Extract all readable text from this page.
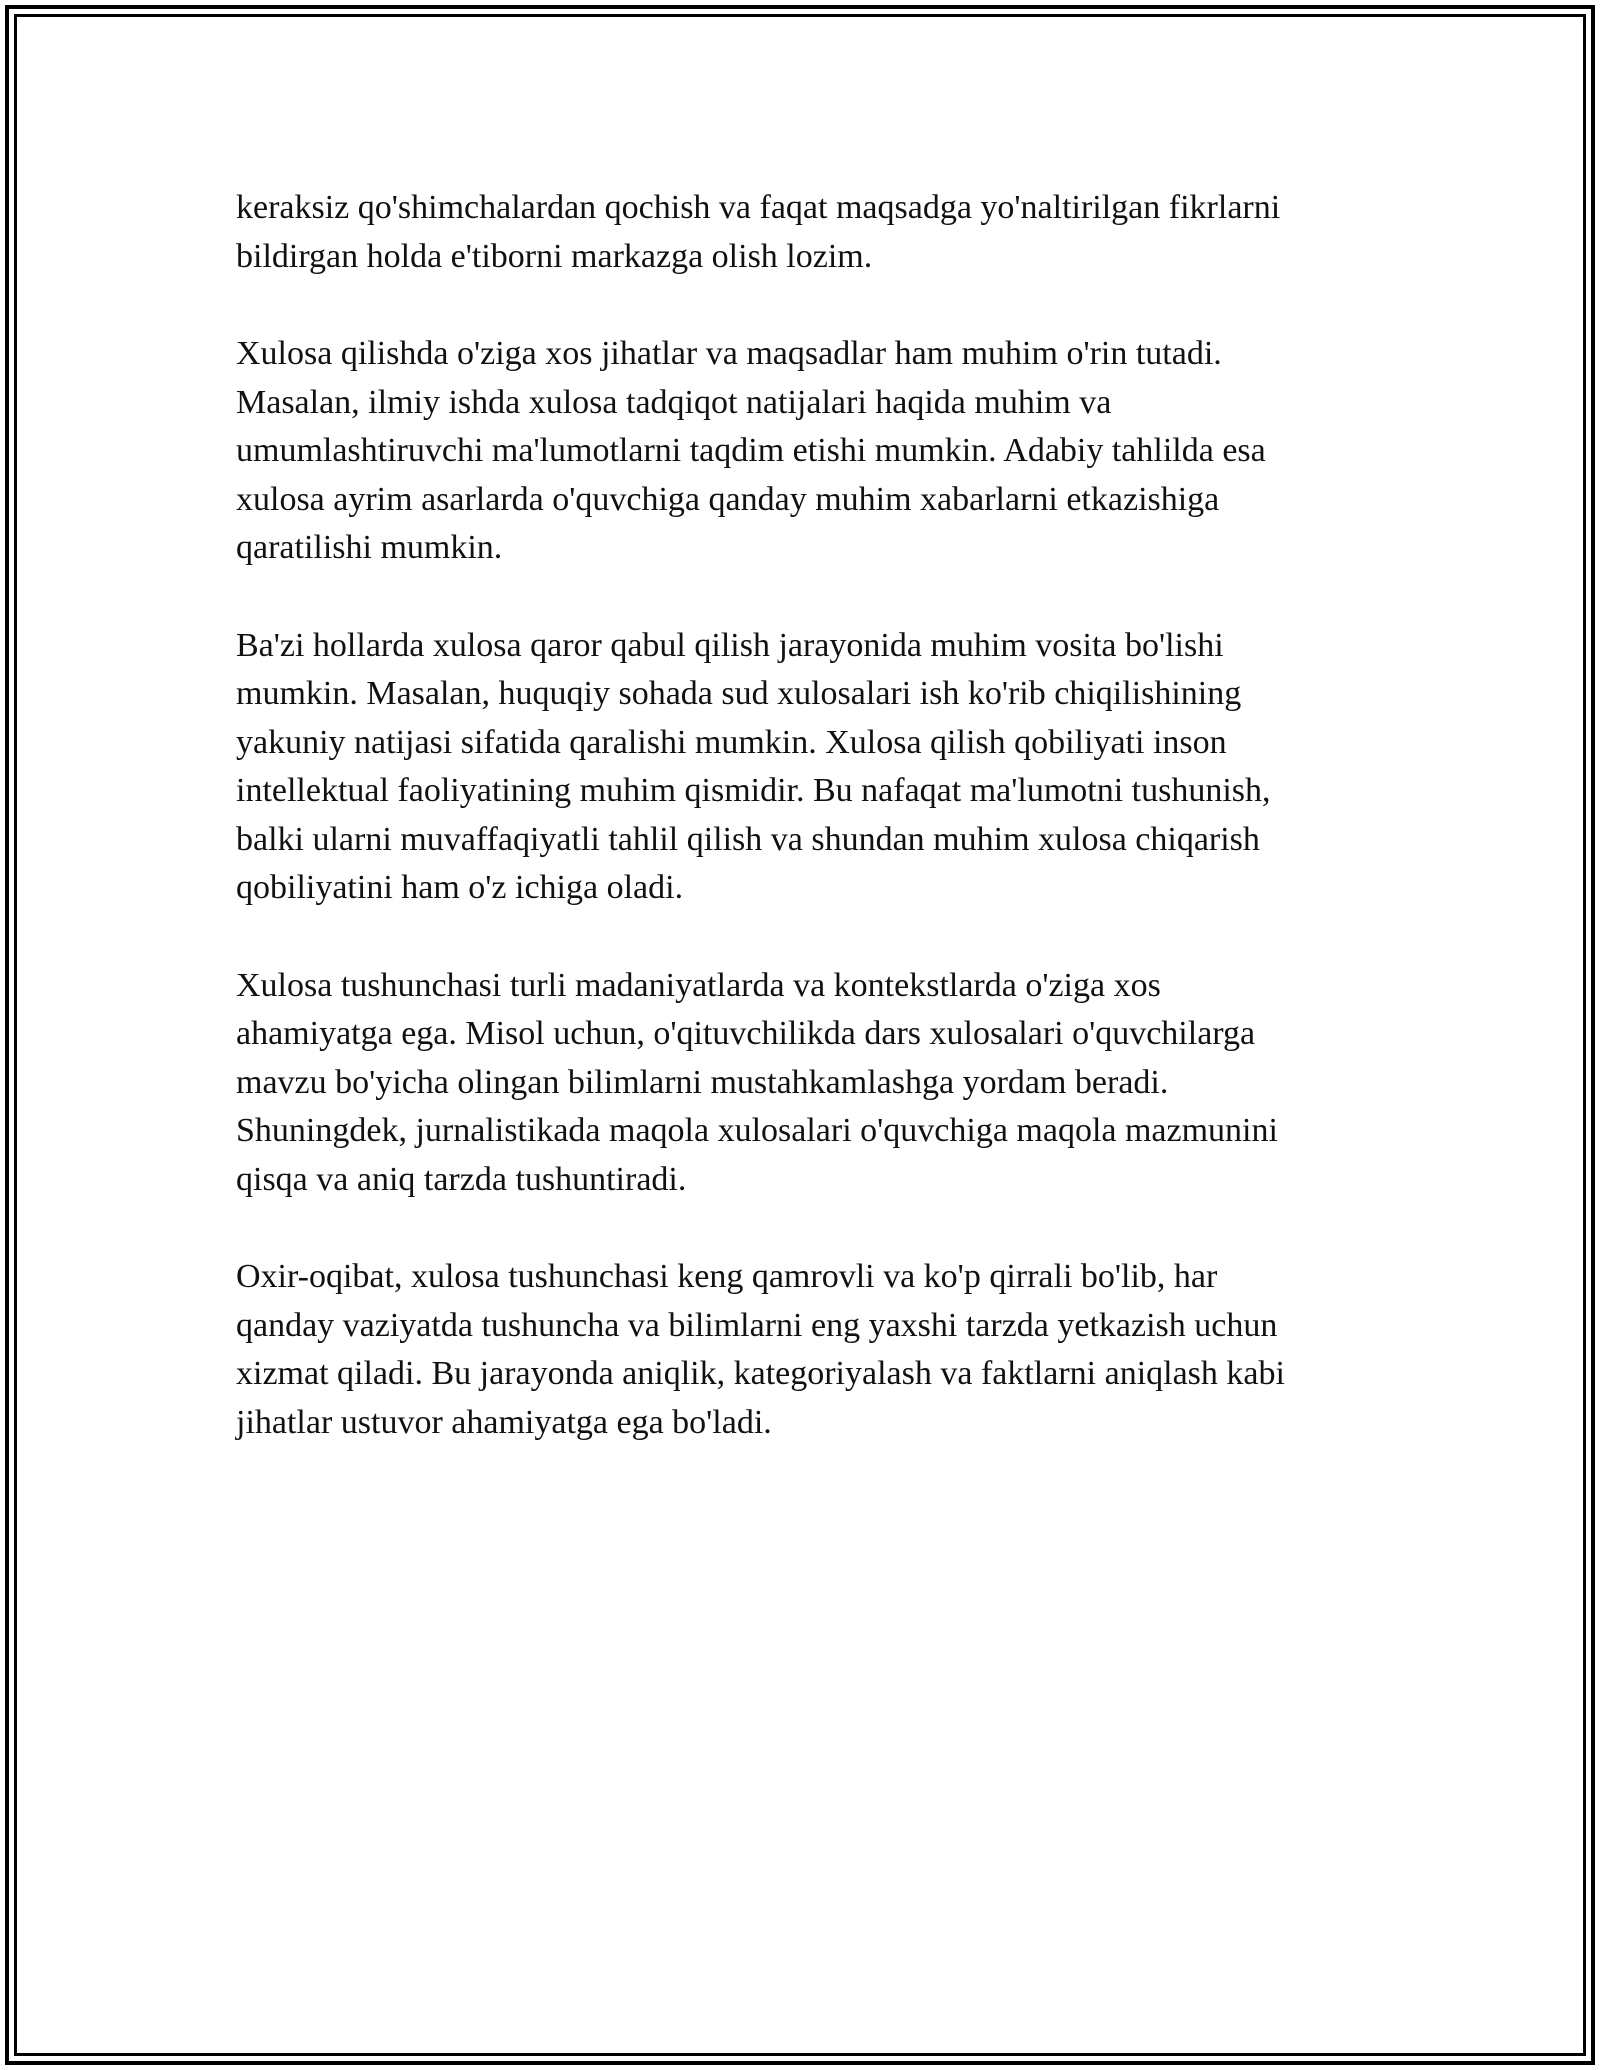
keraksiz qo'shimchalardan qochish va faqat maqsadga yo'naltirilgan fikrlarni
bildirgan holda e'tiborni markazga olish lozim.

Xulosa qilishda o'ziga xos jihatlar va maqsadlar ham muhim o'rin tutadi.
Masalan, ilmiy ishda xulosa tadqiqot natijalari haqida muhim va
umumlashtiruvchi ma'lumotlarni taqdim etishi mumkin. Adabiy tahlilda esa
xulosa ayrim asarlarda o'quvchiga qanday muhim xabarlarni etkazishiga
qaratilishi mumkin.

Ba'zi hollarda xulosa qaror qabul qilish jarayonida muhim vosita bo'lishi
mumkin. Masalan, huquqiy sohada sud xulosalari ish ko'rib chiqilishining
yakuniy natijasi sifatida qaralishi mumkin. Xulosa qilish qobiliyati inson
intellektual faoliyatining muhim qismidir. Bu nafaqat ma'lumotni tushunish,
balki ularni muvaffaqiyatli tahlil qilish va shundan muhim xulosa chiqarish
qobiliyatini ham o'z ichiga oladi.

Xulosa tushunchasi turli madaniyatlarda va kontekstlarda o'ziga xos
ahamiyatga ega. Misol uchun, o'qituvchilikda dars xulosalari o'quvchilarga
mavzu bo'yicha olingan bilimlarni mustahkamlashga yordam beradi.
Shuningdek, jurnalistikada maqola xulosalari o'quvchiga maqola mazmunini
qisqa va aniq tarzda tushuntiradi.

Oxir-oqibat, xulosa tushunchasi keng qamrovli va ko'p qirrali bo'lib, har
qanday vaziyatda tushuncha va bilimlarni eng yaxshi tarzda yetkazish uchun
xizmat qiladi. Bu jarayonda aniqlik, kategoriyalash va faktlarni aniqlash kabi
jihatlar ustuvor ahamiyatga ega bo'ladi.
